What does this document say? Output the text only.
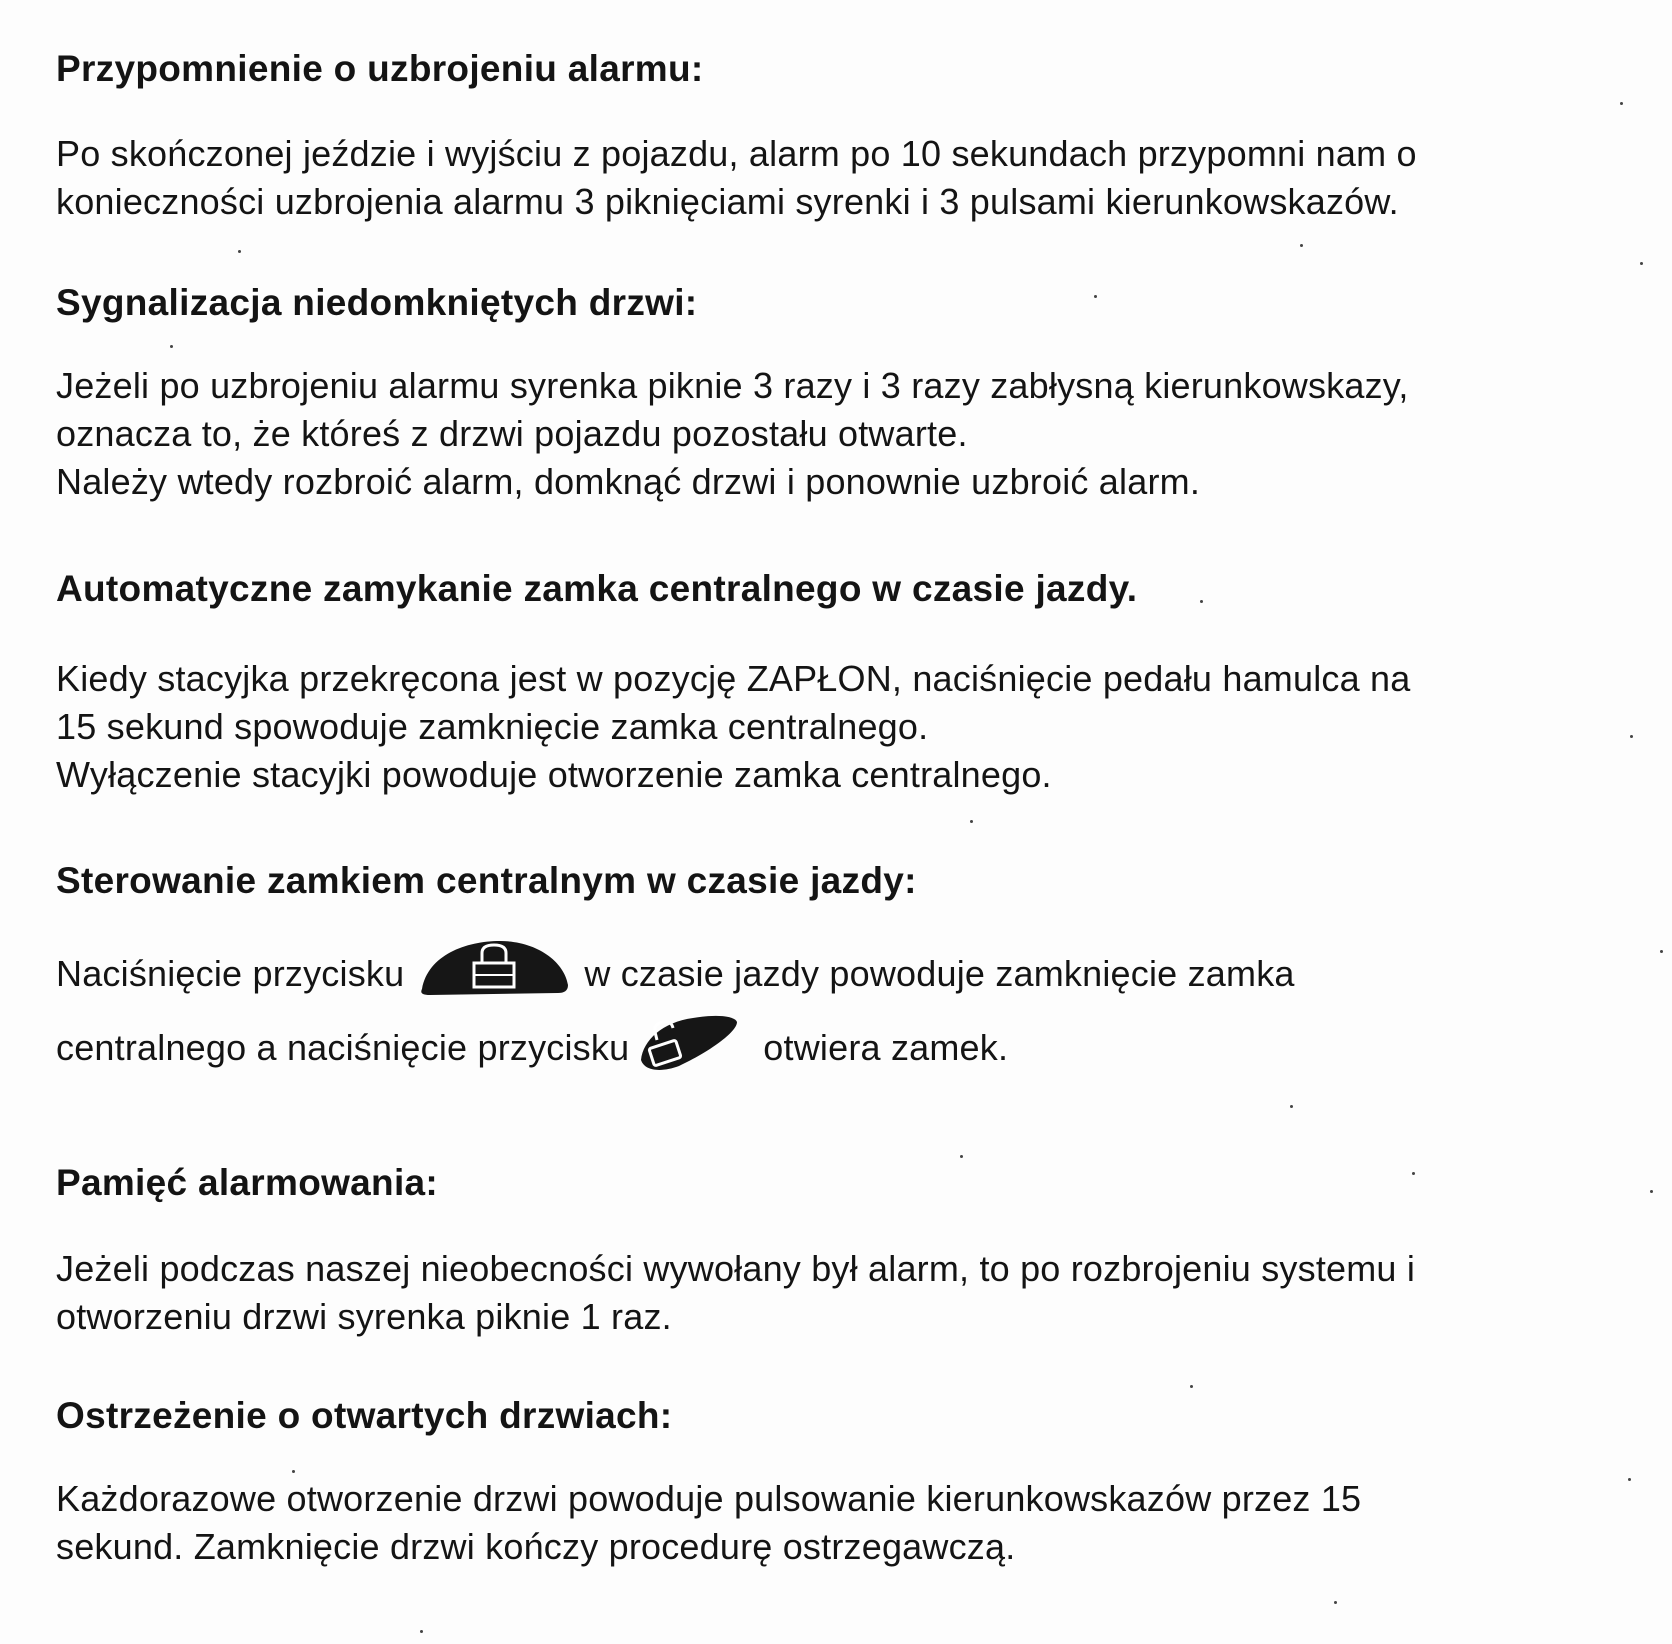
Przypomnienie o uzbrojeniu alarmu:
Po skończonej jeździe i wyjściu z pojazdu, alarm po 10 sekundach przypomni nam o
konieczności uzbrojenia alarmu 3 piknięciami syrenki i 3 pulsami kierunkowskazów.
Sygnalizacja niedomkniętych drzwi:
Jeżeli po uzbrojeniu alarmu syrenka piknie 3 razy i 3 razy zabłysną kierunkowskazy,
oznacza to, że któreś z drzwi pojazdu pozostału otwarte.
Należy wtedy rozbroić alarm, domknąć drzwi i ponownie uzbroić alarm.
Automatyczne zamykanie zamka centralnego w czasie jazdy.
Kiedy stacyjka przekręcona jest w pozycję ZAPŁON, naciśnięcie pedału hamulca na
15 sekund spowoduje zamknięcie zamka centralnego.
Wyłączenie stacyjki powoduje otworzenie zamka centralnego.
Sterowanie zamkiem centralnym w czasie jazdy:
Naciśnięcie przycisku	w czasie jazdy powoduje zamknięcie zamka
centralnego a naciśnięcie przycisku	otwiera zamek.
Pamięć alarmowania:
Jeżeli podczas naszej nieobecności wywołany był alarm, to po rozbrojeniu systemu i
otworzeniu drzwi syrenka piknie 1 raz.
Ostrzeżenie o otwartych drzwiach:
Każdorazowe otworzenie drzwi powoduje pulsowanie kierunkowskazów przez 15
sekund. Zamknięcie drzwi kończy procedurę ostrzegawczą.
